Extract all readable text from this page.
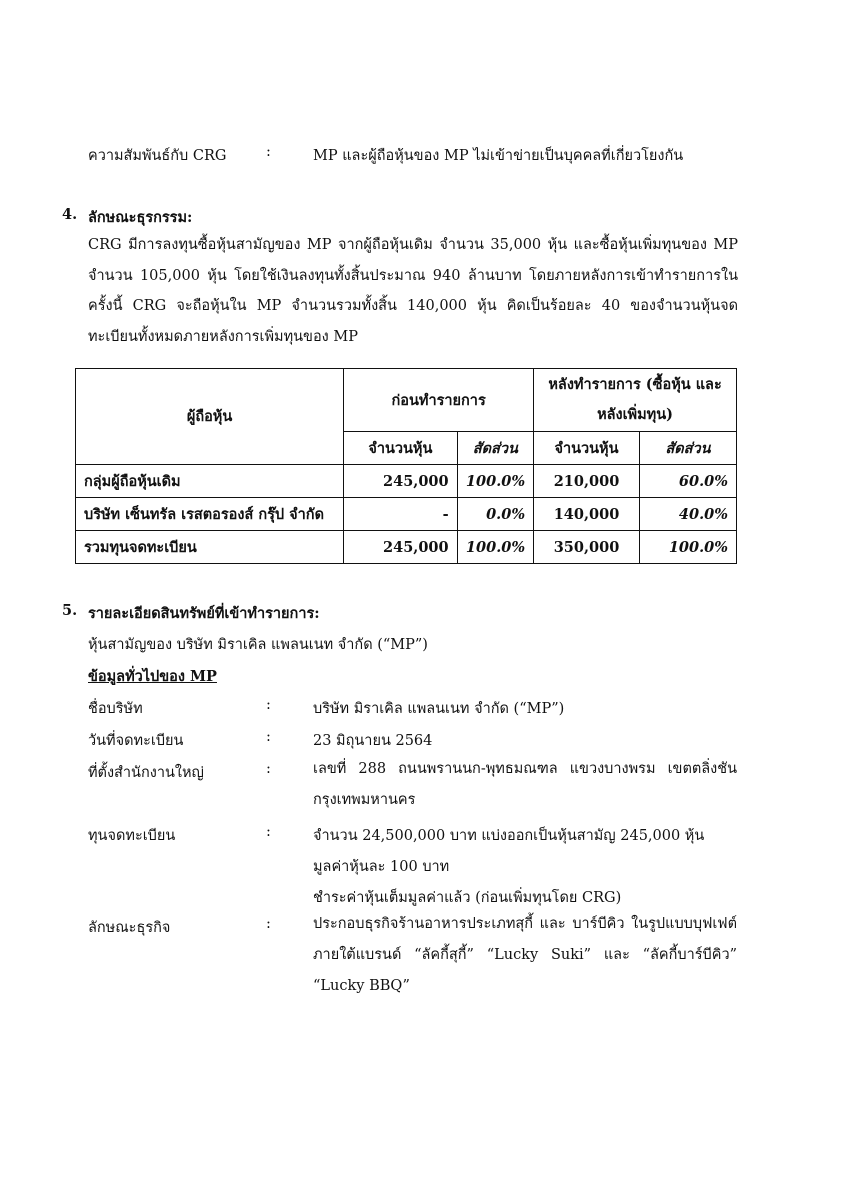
ความสัมพันธ์กับ CRG	:	MP และผู้ถือหุ้นของ MP ไม่เข้าข่ายเป็นบุคคลที่เกี่ยวโยงกัน
4. ลักษณะธุรกรรม:
CRG มีการลงทุนซื้อหุ้นสามัญของ MP จากผู้ถือหุ้นเดิม จำนวน 35,000 หุ้น และซื้อหุ้นเพิ่มทุนของ MP จำนวน 105,000 หุ้น โดยใช้เงินลงทุนทั้งสิ้นประมาณ 940 ล้านบาท โดยภายหลังการเข้าทำรายการในครั้งนี้ CRG จะถือหุ้นใน MP จำนวนรวมทั้งสิ้น 140,000 หุ้น คิดเป็นร้อยละ 40 ของจำนวนหุ้นจดทะเบียนทั้งหมดภายหลังการเพิ่มทุนของ MP
ผู้ถือหุ้น	ก่อนทำรายการ		หลังทำรายการ (ซื้อหุ้น และหลังเพิ่มทุน)	
	จำนวนหุ้น	สัดส่วน	จำนวนหุ้น	สัดส่วน
กลุ่มผู้ถือหุ้นเดิม	245,000	100.0%	210,000	60.0%
บริษัท เซ็นทรัล เรสตอรองส์ กรุ๊ป จำกัด	-	0.0%	140,000	40.0%
รวมทุนจดทะเบียน	245,000	100.0%	350,000	100.0%
5. รายละเอียดสินทรัพย์ที่เข้าทำรายการ:
หุ้นสามัญของ บริษัท มิราเคิล แพลนเนท จำกัด (“MP”)
ข้อมูลทั่วไปของ MP
ชื่อบริษัท	:	บริษัท มิราเคิล แพลนเนท จำกัด (“MP”)
วันที่จดทะเบียน	:	23 มิถุนายน 2564
ที่ตั้งสำนักงานใหญ่	:	เลขที่ 288 ถนนพรานนก-พุทธมณฑล แขวงบางพรม เขตตลิ่งชัน กรุงเทพมหานคร
ทุนจดทะเบียน	:	จำนวน 24,500,000 บาท แบ่งออกเป็นหุ้นสามัญ 245,000 หุ้น
มูลค่าหุ้นละ 100 บาท
ชำระค่าหุ้นเต็มมูลค่าแล้ว (ก่อนเพิ่มทุนโดย CRG)
ลักษณะธุรกิจ	:	ประกอบธุรกิจร้านอาหารประเภทสุกี้ และ บาร์บีคิว ในรูปแบบบุฟเฟต์ภายใต้แบรนด์ “ลัคกี้สุกี้” “Lucky Suki” และ “ลัคกี้บาร์บีคิว” “Lucky BBQ”
